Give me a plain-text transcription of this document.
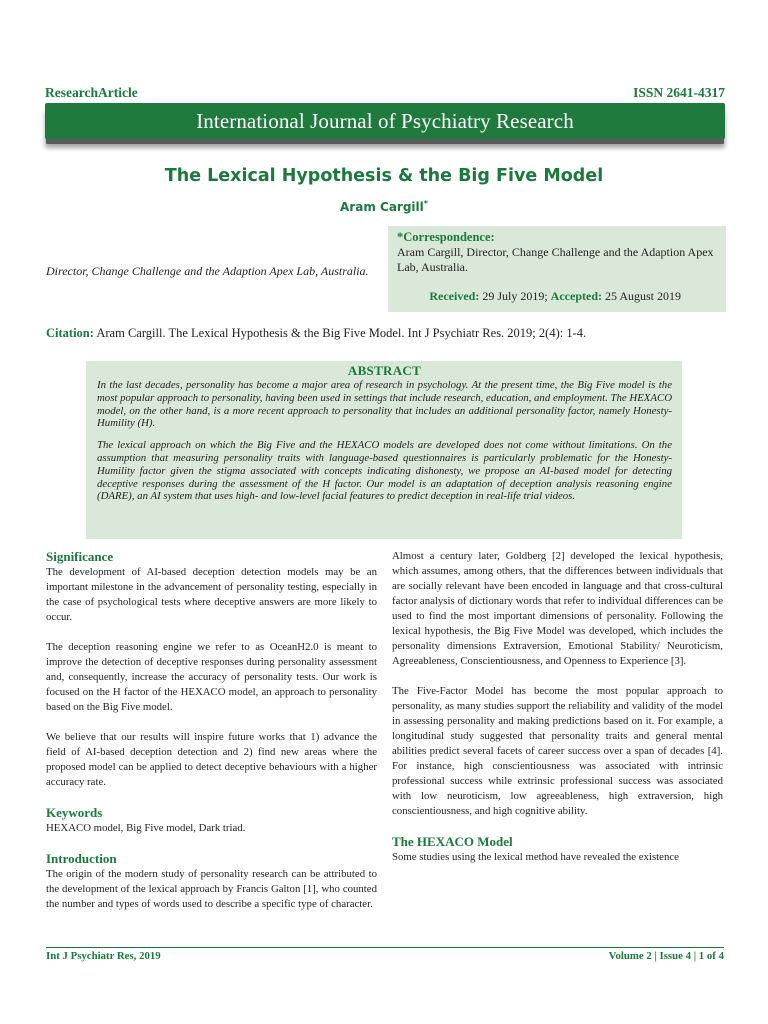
ResearchArticle	ISSN 2641-4317
International Journal of Psychiatry Research
The Lexical Hypothesis & the Big Five Model
Aram Cargill*
Director, Change Challenge and the Adaption Apex Lab, Australia.
*Correspondence:
Aram Cargill, Director, Change Challenge and the Adaption Apex Lab, Australia.
Received: 29 July 2019; Accepted: 25 August 2019
Citation: Aram Cargill. The Lexical Hypothesis & the Big Five Model. Int J Psychiatr Res. 2019; 2(4): 1-4.
ABSTRACT

In the last decades, personality has become a major area of research in psychology. At the present time, the Big Five model is the most popular approach to personality, having been used in settings that include research, education, and employment. The HEXACO model, on the other hand, is a more recent approach to personality that includes an additional personality factor, namely Honesty-Humility (H).

The lexical approach on which the Big Five and the HEXACO models are developed does not come without limitations. On the assumption that measuring personality traits with language-based questionnaires is particularly problematic for the Honesty-Humility factor given the stigma associated with concepts indicating dishonesty, we propose an AI-based model for detecting deceptive responses during the assessment of the H factor. Our model is an adaptation of deception analysis reasoning engine (DARE), an AI system that uses high- and low-level facial features to predict deception in real-life trial videos.

Significance

The development of AI-based deception detection models may be an important milestone in the advancement of personality testing, especially in the case of psychological tests where deceptive answers are more likely to occur.

The deception reasoning engine we refer to as OceanH2.0 is meant to improve the detection of deceptive responses during personality assessment and, consequently, increase the accuracy of personality tests. Our work is focused on the H factor of the HEXACO model, an approach to personality based on the Big Five model.

We believe that our results will inspire future works that 1) advance the field of AI-based deception detection and 2) find new areas where the proposed model can be applied to detect deceptive behaviours with a higher accuracy rate.

Keywords

HEXACO model, Big Five model, Dark triad.

Introduction

The origin of the modern study of personality research can be attributed to the development of the lexical approach by Francis Galton [1], who counted the number and types of words used to describe a specific type of character.

Almost a century later, Goldberg [2] developed the lexical hypothesis, which assumes, among others, that the differences between individuals that are socially relevant have been encoded in language and that cross-cultural factor analysis of dictionary words that refer to individual differences can be used to find the most important dimensions of personality. Following the lexical hypothesis, the Big Five Model was developed, which includes the personality dimensions Extraversion, Emotional Stability/ Neuroticism, Agreeableness, Conscientiousness, and Openness to Experience [3].

The Five-Factor Model has become the most popular approach to personality, as many studies support the reliability and validity of the model in assessing personality and making predictions based on it. For example, a longitudinal study suggested that personality traits and general mental abilities predict several facets of career success over a span of decades [4]. For instance, high conscientiousness was associated with intrinsic professional success while extrinsic professional success was associated with low neuroticism, low agreeableness, high extraversion, high conscientiousness, and high cognitive ability.

The HEXACO Model

Some studies using the lexical method have revealed the existence

Int J Psychiatr Res, 2019	Volume 2 | Issue 4 | 1 of 4
